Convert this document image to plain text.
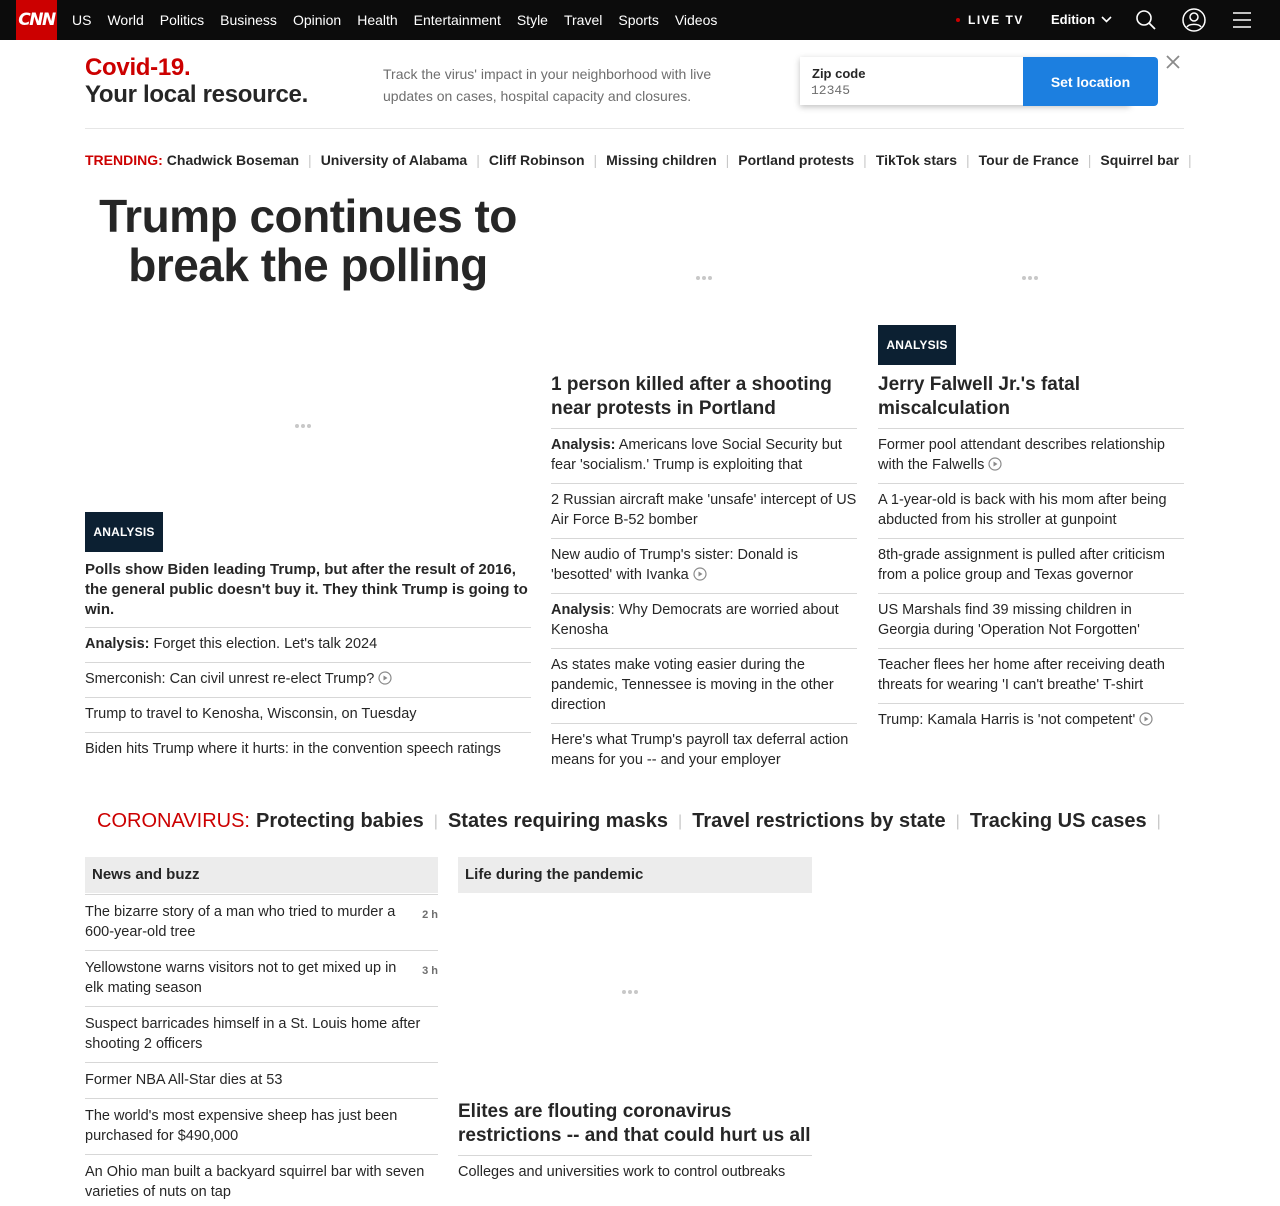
CNN US World Politics Business Opinion Health Entertainment Style Travel Sports Videos	LIVE TV Edition
Covid-19.
Your local resource.
Track the virus' impact in your neighborhood with live updates on cases, hospital capacity and closures.
Zip code
12345	Set location
TRENDING: Chadwick Boseman | University of Alabama | Cliff Robinson | Missing children | Portland protests | TikTok stars | Tour de France | Squirrel bar |
Trump continues to break the polling
ANALYSIS
Polls show Biden leading Trump, but after the result of 2016, the general public doesn't buy it. They think Trump is going to win.
Analysis: Forget this election. Let's talk 2024
Smerconish: Can civil unrest re-elect Trump?
Trump to travel to Kenosha, Wisconsin, on Tuesday
Biden hits Trump where it hurts: in the convention speech ratings
1 person killed after a shooting near protests in Portland
Analysis: Americans love Social Security but fear 'socialism.' Trump is exploiting that
2 Russian aircraft make 'unsafe' intercept of US Air Force B-52 bomber
New audio of Trump's sister: Donald is 'besotted' with Ivanka
Analysis: Why Democrats are worried about Kenosha
As states make voting easier during the pandemic, Tennessee is moving in the other direction
Here's what Trump's payroll tax deferral action means for you -- and your employer
ANALYSIS
Jerry Falwell Jr.'s fatal miscalculation
Former pool attendant describes relationship with the Falwells
A 1-year-old is back with his mom after being abducted from his stroller at gunpoint
8th-grade assignment is pulled after criticism from a police group and Texas governor
US Marshals find 39 missing children in Georgia during 'Operation Not Forgotten'
Teacher flees her home after receiving death threats for wearing 'I can't breathe' T-shirt
Trump: Kamala Harris is 'not competent'
CORONAVIRUS: Protecting babies | States requiring masks | Travel restrictions by state | Tracking US cases |
News and buzz
The bizarre story of a man who tried to murder a 600-year-old tree
2 h
Yellowstone warns visitors not to get mixed up in elk mating season
3 h
Suspect barricades himself in a St. Louis home after shooting 2 officers
Former NBA All-Star dies at 53
The world's most expensive sheep has just been purchased for $490,000
An Ohio man built a backyard squirrel bar with seven varieties of nuts on tap
Life during the pandemic
Elites are flouting coronavirus restrictions -- and that could hurt us all
Colleges and universities work to control outbreaks
